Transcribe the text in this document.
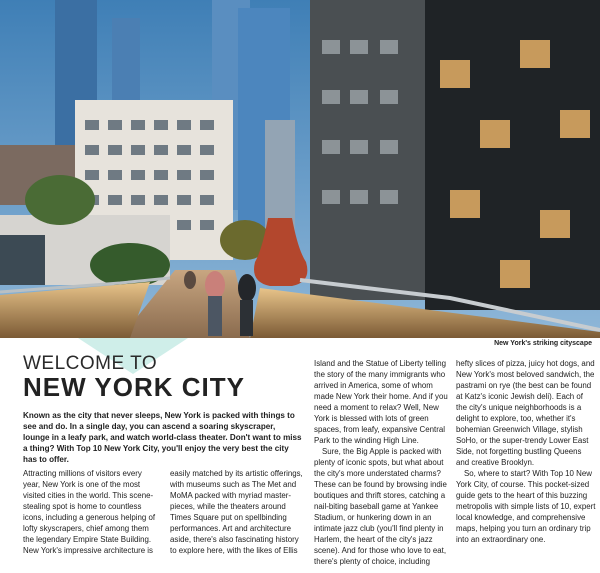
New York's striking cityscape
WELCOME TO
NEW YORK CITY
Known as the city that never sleeps, New York is packed with things to see and do. In a single day, you can ascend a soaring skyscraper, lounge in a leafy park, and watch world-class theater. Don't want to miss a thing? With Top 10 New York City, you'll enjoy the very best the city has to offer.

Attracting millions of visitors every year, New York is one of the most visited cities in the world. This scene-stealing spot is home to countless icons, including a generous helping of lofty skyscrapers, chief among them the legendary Empire State Building. New York's impressive architecture is

easily matched by its artistic offerings, with museums such as The Met and MoMA packed with myriad master-pieces, while the theaters around Times Square put on spellbinding performances. Art and architecture aside, there's also fascinating history to explore here, with the likes of Ellis

Island and the Statue of Liberty telling the story of the many immigrants who arrived in America, some of whom made New York their home. And if you need a moment to relax? Well, New York is blessed with lots of green spaces, from leafy, expansive Central Park to the winding High Line.

Sure, the Big Apple is packed with plenty of iconic spots, but what about the city's more understated charms? These can be found by browsing indie boutiques and thrift stores, catching a nail-biting baseball game at Yankee Stadium, or hunkering down in an intimate jazz club (you'll find plenty in Harlem, the heart of the city's jazz scene). And for those who love to eat, there's plenty of choice, including

hefty slices of pizza, juicy hot dogs, and New York's most beloved sandwich, the pastrami on rye (the best can be found at Katz's iconic Jewish deli). Each of the city's unique neighborhoods is a delight to explore, too, whether it's bohemian Greenwich Village, stylish SoHo, or the super-trendy Lower East Side, not forgetting bustling Queens and creative Brooklyn.

So, where to start? With Top 10 New York City, of course. This pocket-sized guide gets to the heart of this buzzing metropolis with simple lists of 10, expert local knowledge, and comprehensive maps, helping you turn an ordinary trip into an extraordinary one.
